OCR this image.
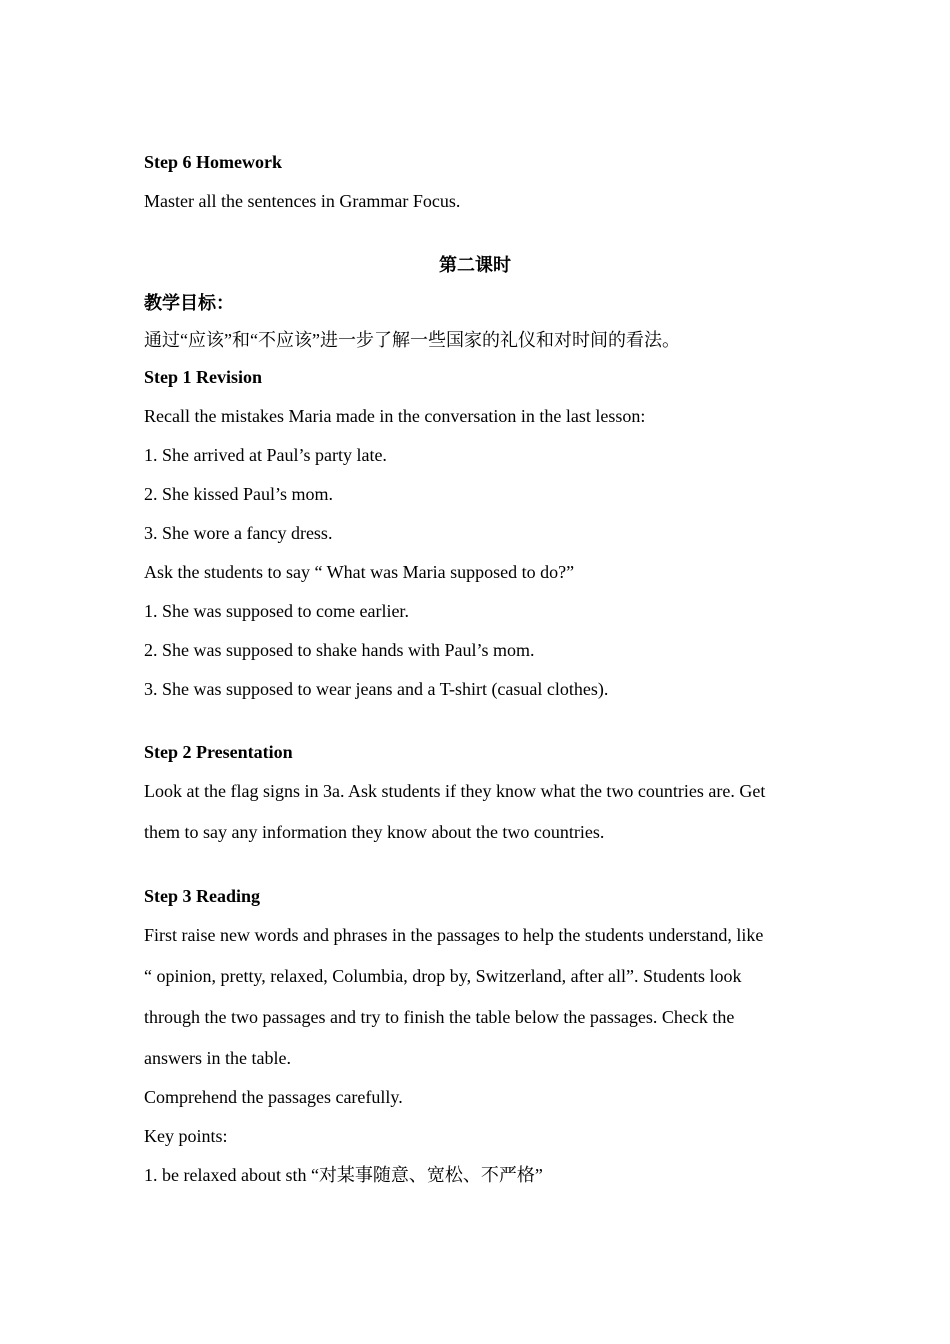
Step 6 Homework

Master all the sentences in Grammar Focus.

第二课时

教学目标：

通过“应该”和“不应该”进一步了解一些国家的礼仪和对时间的看法。

Step 1 Revision

Recall the mistakes Maria made in the conversation in the last lesson:

1. She arrived at Paul’s party late.

2. She kissed Paul’s mom.

3. She wore a fancy dress.

Ask the students to say “ What was Maria supposed to do?”

1. She was supposed to come earlier.

2. She was supposed to shake hands with Paul’s mom.

3. She was supposed to wear jeans and a T-shirt (casual clothes).

Step 2 Presentation

Look at the flag signs in 3a. Ask students if they know what the two countries are. Get

them to say any information they know about the two countries.

Step 3 Reading

First raise new words and phrases in the passages to help the students understand, like

“ opinion, pretty, relaxed, Columbia, drop by, Switzerland, after all”. Students look

through the two passages and try to finish the table below the passages. Check the

answers in the table.

Comprehend the passages carefully.

Key points:

1. be relaxed about sth “对某事随意、宽松、不严格”
